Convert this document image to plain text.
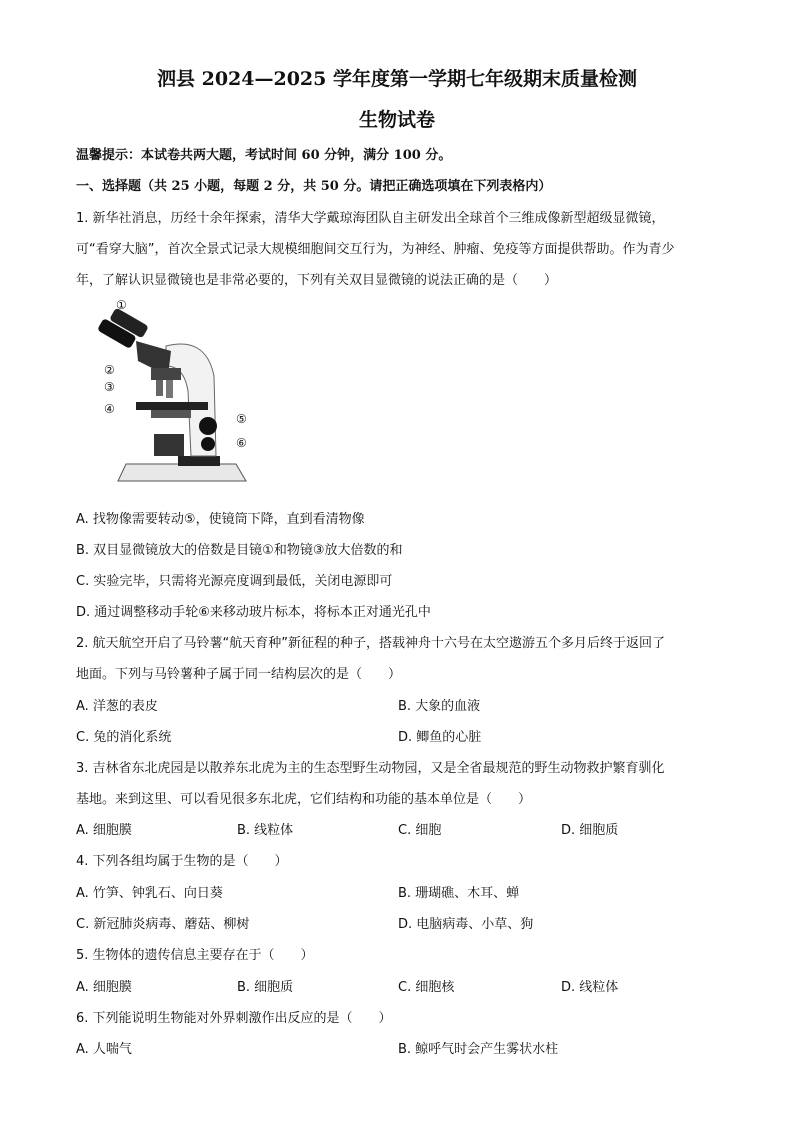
泗县 2024—2025 学年度第一学期七年级期末质量检测
生物试卷
温馨提示：本试卷共两大题，考试时间 60 分钟，满分 100 分。
一、选择题（共 25 小题，每题 2 分，共 50 分。请把正确选项填在下列表格内）
1. 新华社消息，历经十余年探索，清华大学戴琼海团队自主研发出全球首个三维成像新型超级显微镜，
可“看穿大脑”，首次全景式记录大规模细胞间交互行为，为神经、肿瘤、免疫等方面提供帮助。作为青少
年，了解认识显微镜也是非常必要的，下列有关双目显微镜的说法正确的是（　　）
①
②
③
④
⑤
⑥
A. 找物像需要转动⑤，使镜筒下降，直到看清物像
B. 双目显微镜放大的倍数是目镜①和物镜③放大倍数的和
C. 实验完毕，只需将光源亮度调到最低，关闭电源即可
D. 通过调整移动手轮⑥来移动玻片标本，将标本正对通光孔中
2. 航天航空开启了马铃薯“航天育种”新征程的种子，搭载神舟十六号在太空遨游五个多月后终于返回了
地面。下列与马铃薯种子属于同一结构层次的是（　　）
A. 洋葱的表皮	B. 大象的血液
C. 兔的消化系统	D. 鲫鱼的心脏
3. 吉林省东北虎园是以散养东北虎为主的生态型野生动物园，又是全省最规范的野生动物救护繁育驯化
基地。来到这里、可以看见很多东北虎，它们结构和功能的基本单位是（　　）
A. 细胞膜	B. 线粒体	C. 细胞	D. 细胞质
4. 下列各组均属于生物的是（　　）
A. 竹笋、钟乳石、向日葵	B. 珊瑚礁、木耳、蝉
C. 新冠肺炎病毒、蘑菇、柳树	D. 电脑病毒、小草、狗
5. 生物体的遗传信息主要存在于（　　）
A. 细胞膜	B. 细胞质	C. 细胞核	D. 线粒体
6. 下列能说明生物能对外界刺激作出反应的是（　　）
A. 人喘气	B. 鲸呼气时会产生雾状水柱
